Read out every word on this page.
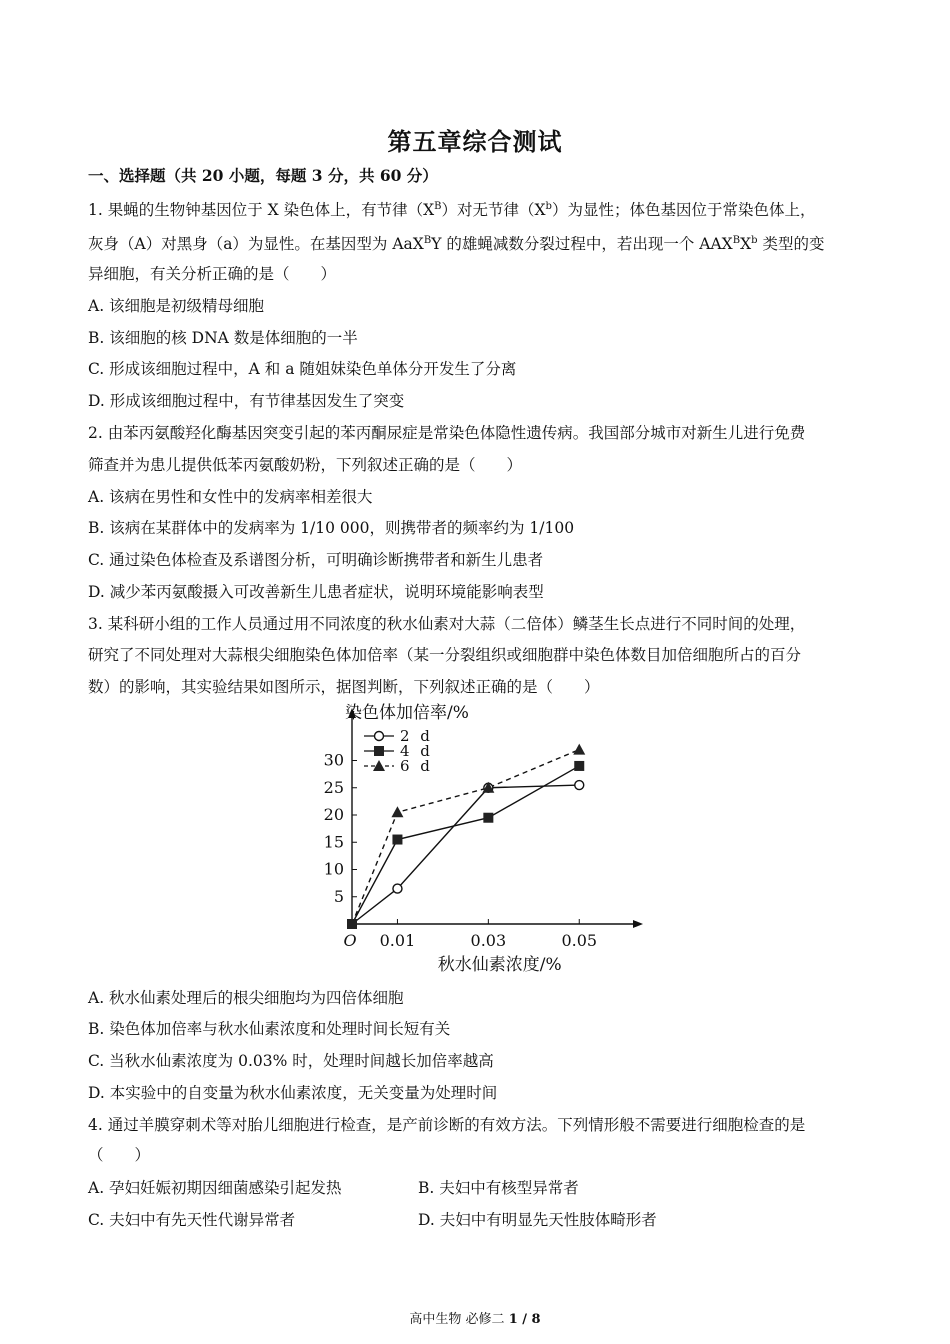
第五章综合测试
一、选择题（共 20 小题，每题 3 分，共 60 分）
1. 果蝇的生物钟基因位于 X 染色体上，有节律$(X^B)$对无节律$(X^b)$为显性；体色基因位于常染色体上，
灰身（A）对黑身（a）为显性。在基因型为 AaX$^B$Y 的雄蝇减数分裂过程中，若出现一个 $AAX^BX^b$ 类型的变
异细胞，有关分析正确的是（　　）
A. 该细胞是初级精母细胞
B. 该细胞的核 DNA 数是体细胞的一半
C. 形成该细胞过程中，A 和 a 随姐妹染色单体分开发生了分离
D. 形成该细胞过程中，有节律基因发生了突变
2. 由苯丙氨酸羟化酶基因突变引起的苯丙酮尿症是常染色体隐性遗传病。我国部分城市对新生儿进行免费
筛查并为患儿提供低苯丙氨酸奶粉，下列叙述正确的是（　　）
A. 该病在男性和女性中的发病率相差很大
B. 该病在某群体中的发病率为 1/10 000，则携带者的频率约为 1/100
C. 通过染色体检查及系谱图分析，可明确诊断携带者和新生儿患者
D. 减少苯丙氨酸摄入可改善新生儿患者症状，说明环境能影响表型
3. 某科研小组的工作人员通过用不同浓度的秋水仙素对大蒜（二倍体）鳞茎生长点进行不同时间的处理，
研究了不同处理对大蒜根尖细胞染色体加倍率（某一分裂组织或细胞群中染色体数目加倍细胞所占的百分
数）的影响，其实验结果如图所示，据图判断，下列叙述正确的是（　　）
染色体加倍率/%
秋水仙素浓度/%
O
5
10
15
20
25
30
0.01	0.03	0.05
2 d
4 d
6 d
A. 秋水仙素处理后的根尖细胞均为四倍体细胞
B. 染色体加倍率与秋水仙素浓度和处理时间长短有关
C. 当秋水仙素浓度为 0.03% 时，处理时间越长加倍率越高
D. 本实验中的自变量为秋水仙素浓度，无关变量为处理时间
4. 通过羊膜穿刺术等对胎儿细胞进行检查，是产前诊断的有效方法。下列情形般不需要进行细胞检查的是
（　　）
A. 孕妇妊娠初期因细菌感染引起发热	B. 夫妇中有核型异常者
C. 夫妇中有先天性代谢异常者	D. 夫妇中有明显先天性肢体畸形者
高中生物 必修二 1 / 8
